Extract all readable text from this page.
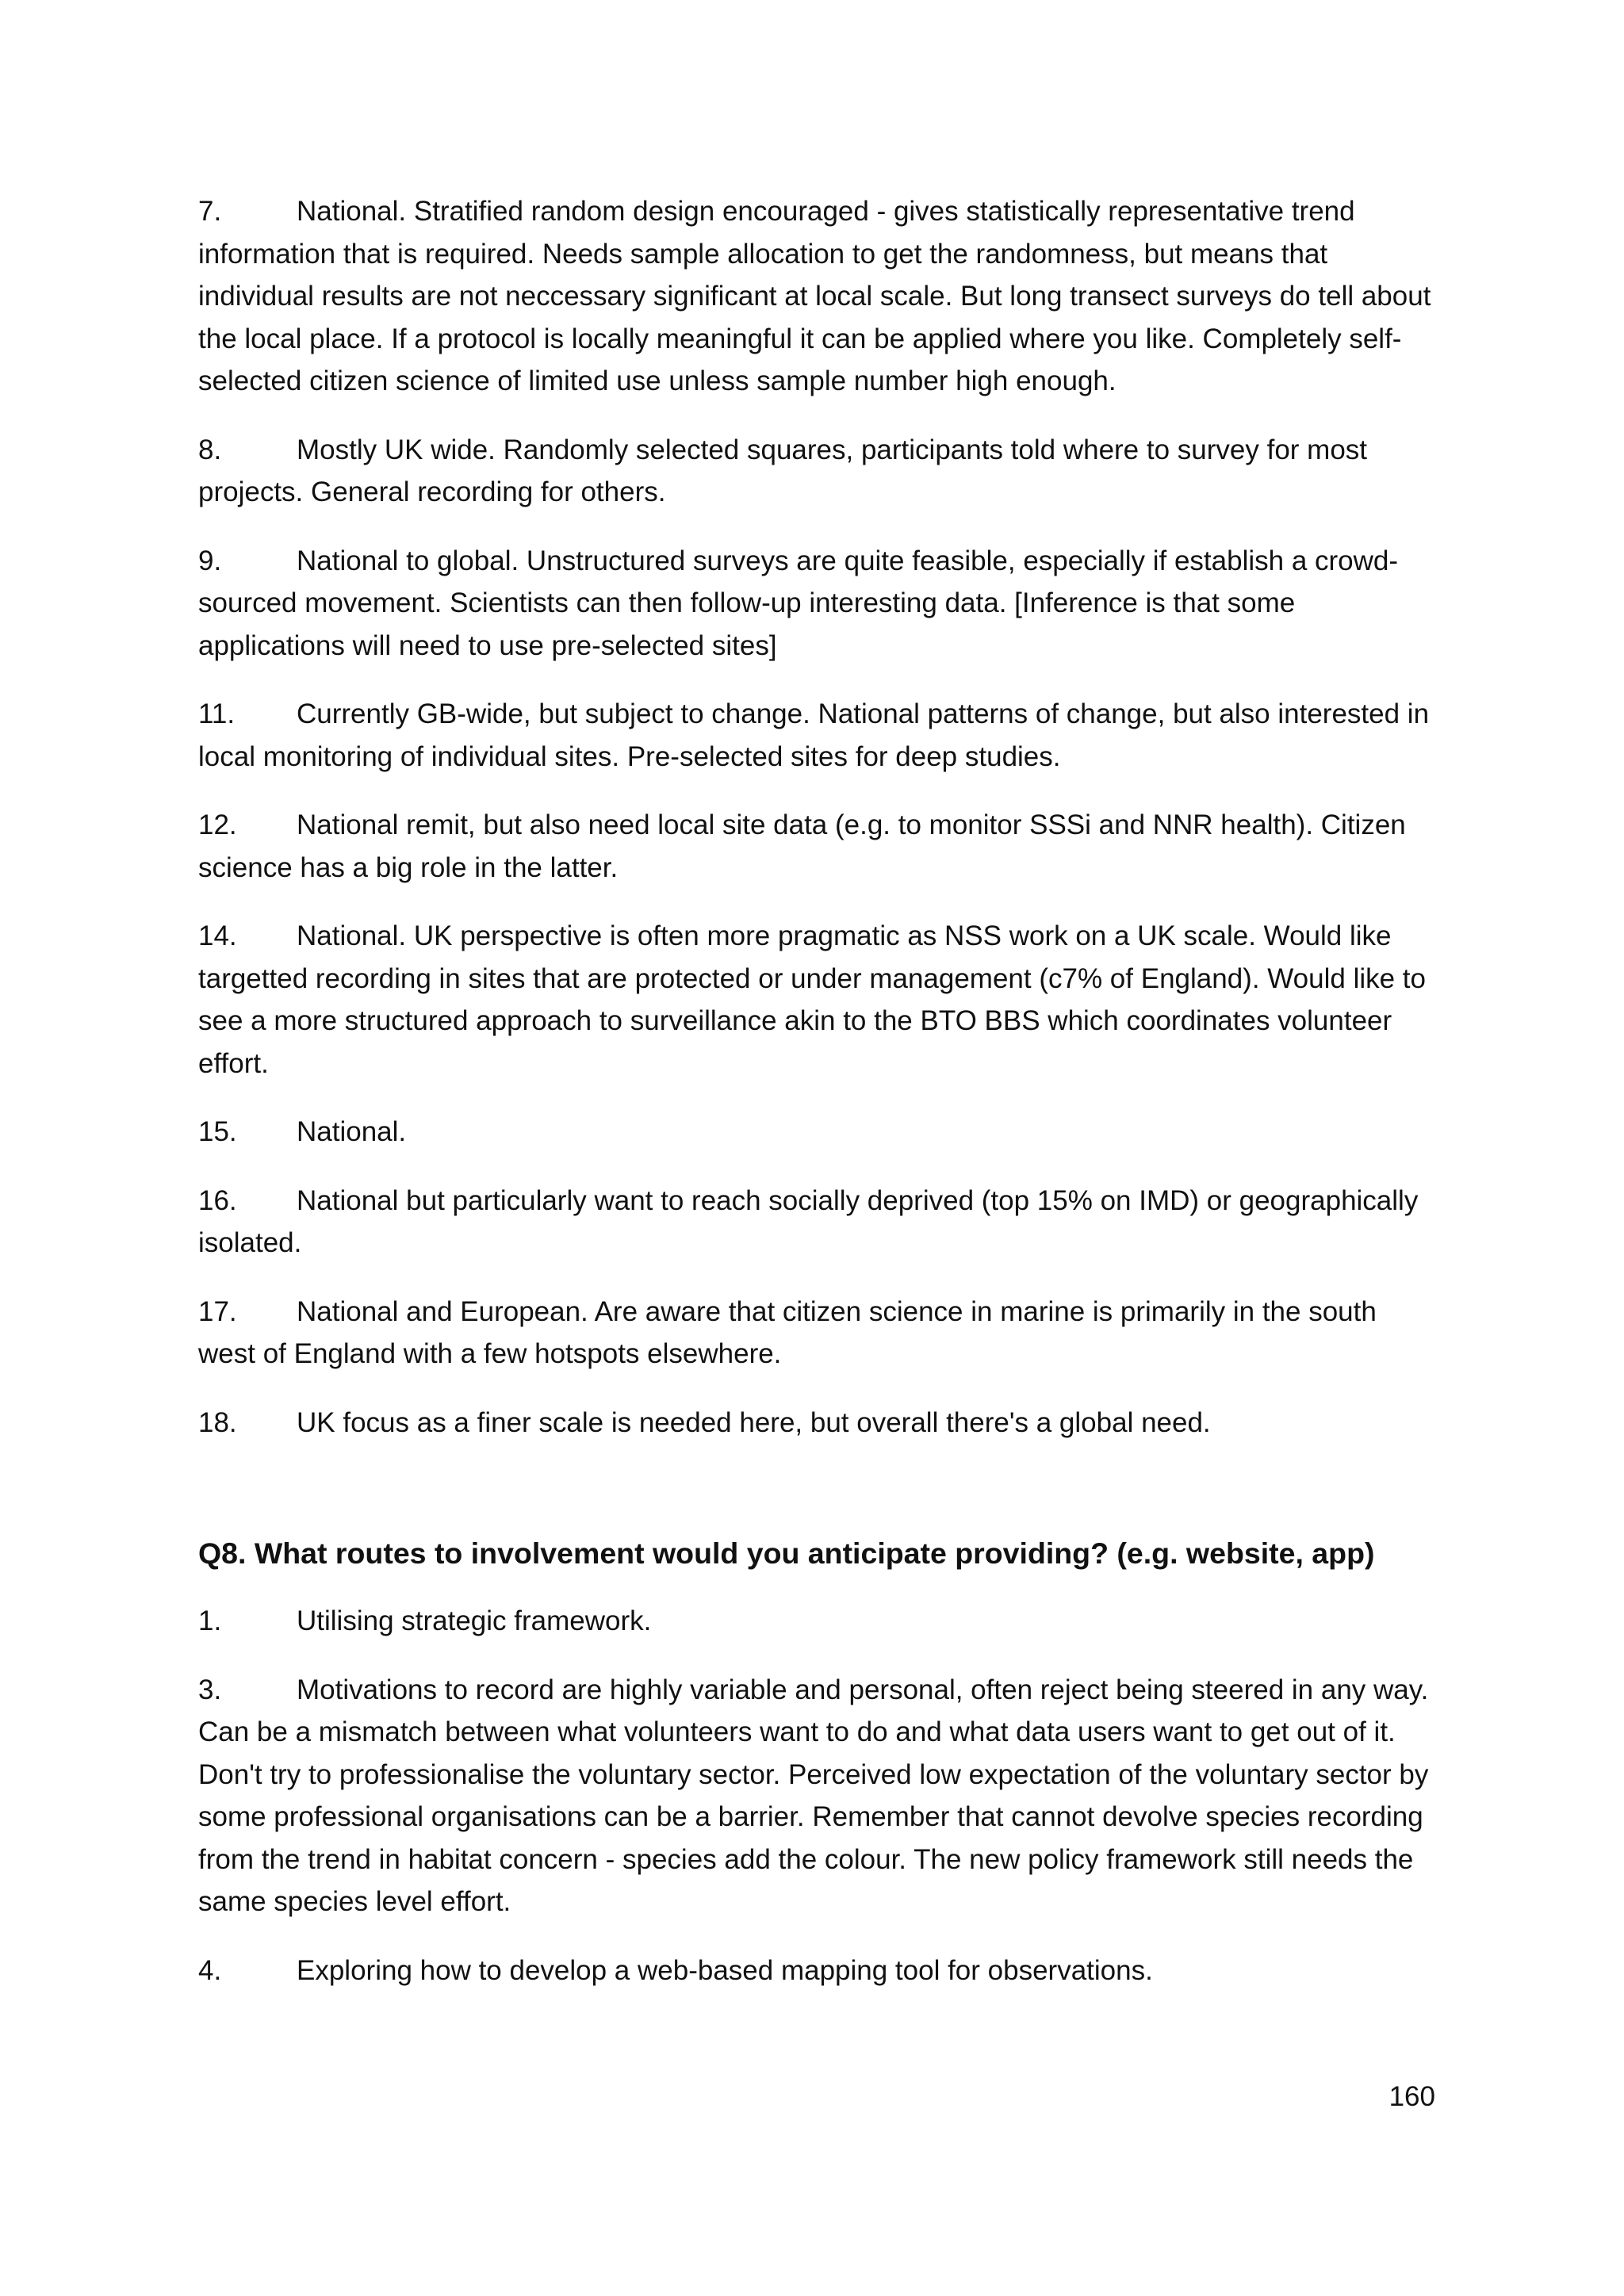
7.	National. Stratified random design encouraged - gives statistically representative trend information that is required. Needs sample allocation to get the randomness, but means that individual results are not neccessary significant at local scale. But long transect surveys do tell about the local place. If a protocol is locally meaningful it can be applied where you like. Completely self-selected citizen science of limited use unless sample number high enough.

8.	Mostly UK wide. Randomly selected squares, participants told where to survey for most projects. General recording for others.

9.	National to global. Unstructured surveys are quite feasible, especially if establish a crowd-sourced movement. Scientists can then follow-up interesting data. [Inference is that some applications will need to use pre-selected sites]

11. Currently GB-wide, but subject to change. National patterns of change, but also interested in local monitoring of individual sites. Pre-selected sites for deep studies.

12. National remit, but also need local site data (e.g. to monitor SSSi and NNR health). Citizen science has a big role in the latter.

14. National. UK perspective is often more pragmatic as NSS work on a UK scale. Would like targetted recording in sites that are protected or under management (c7% of England). Would like to see a more structured approach to surveillance akin to the BTO BBS which coordinates volunteer effort.

15. National.

16. National but particularly want to reach socially deprived (top 15% on IMD) or geographically isolated.

17. National and European. Are aware that citizen science in marine is primarily in the south west of England with a few hotspots elsewhere.

18. UK focus as a finer scale is needed here, but overall there's a global need.

Q8. What routes to involvement would you anticipate providing? (e.g. website, app)

1.	Utilising strategic framework.

3.	Motivations to record are highly variable and personal, often reject being steered in any way. Can be a mismatch between what volunteers want to do and what data users want to get out of it. Don't try to professionalise the voluntary sector. Perceived low expectation of the voluntary sector by some professional organisations can be a barrier. Remember that cannot devolve species recording from the trend in habitat concern - species add the colour. The new policy framework still needs the same species level effort.

4.	Exploring how to develop a web-based mapping tool for observations.

160
